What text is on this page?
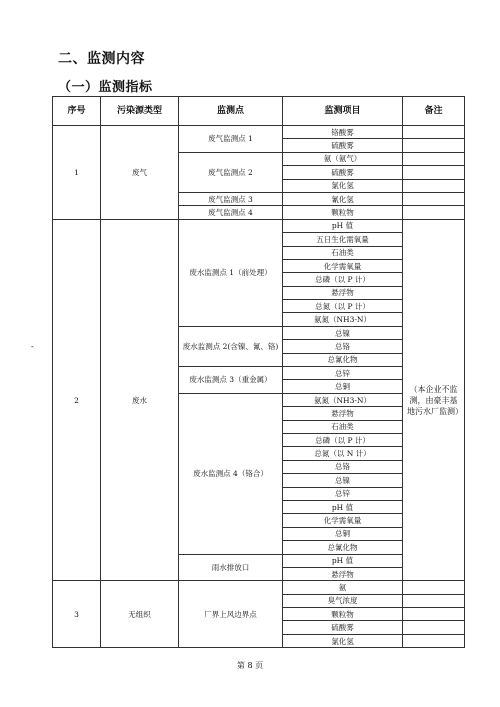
二、监测内容
（一）监测指标
序号	污染源类型	监测点	监测项目	备注
1	废气	废气监测点 1	铬酸雾	
			硫酸雾	
		废气监测点 2	氨（氨气）	
			硫酸雾	
			氯化氢	
		废气监测点 3	氰化氢	
		废气监测点 4	颗粒物	
2	废水	废水监测点 1（前处理）	pH 值	（本企业不监测，由豪丰基地污水厂监测）
			五日生化需氧量	
			石油类	
			化学需氧量	
			总磷（以 P 计）	
			悬浮物	
			总氮（以 P 计）	
			氨氮（NH3-N）	
		废水监测点 2(含镍、氰、铬)	总镍	
			总铬	
			总氰化物	
		废水监测点 3（重金属）	总锌	
			总铜	
		废水监测点 4（铬合）	氨氮（NH3-N）	
			悬浮物	
			石油类	
			总磷（以 P 计）	
			总氮（以 N 计）	
			总铬	
			总镍	
			总锌	
			pH 值	
			化学需氧量	
			总铜	
			总氰化物	
		雨水排放口	pH 值	
			悬浮物	
3	无组织	厂界上风边界点	氨	
			臭气浓度	
			颗粒物	
			硫酸雾	
			氯化氢	
-
第 8 页
